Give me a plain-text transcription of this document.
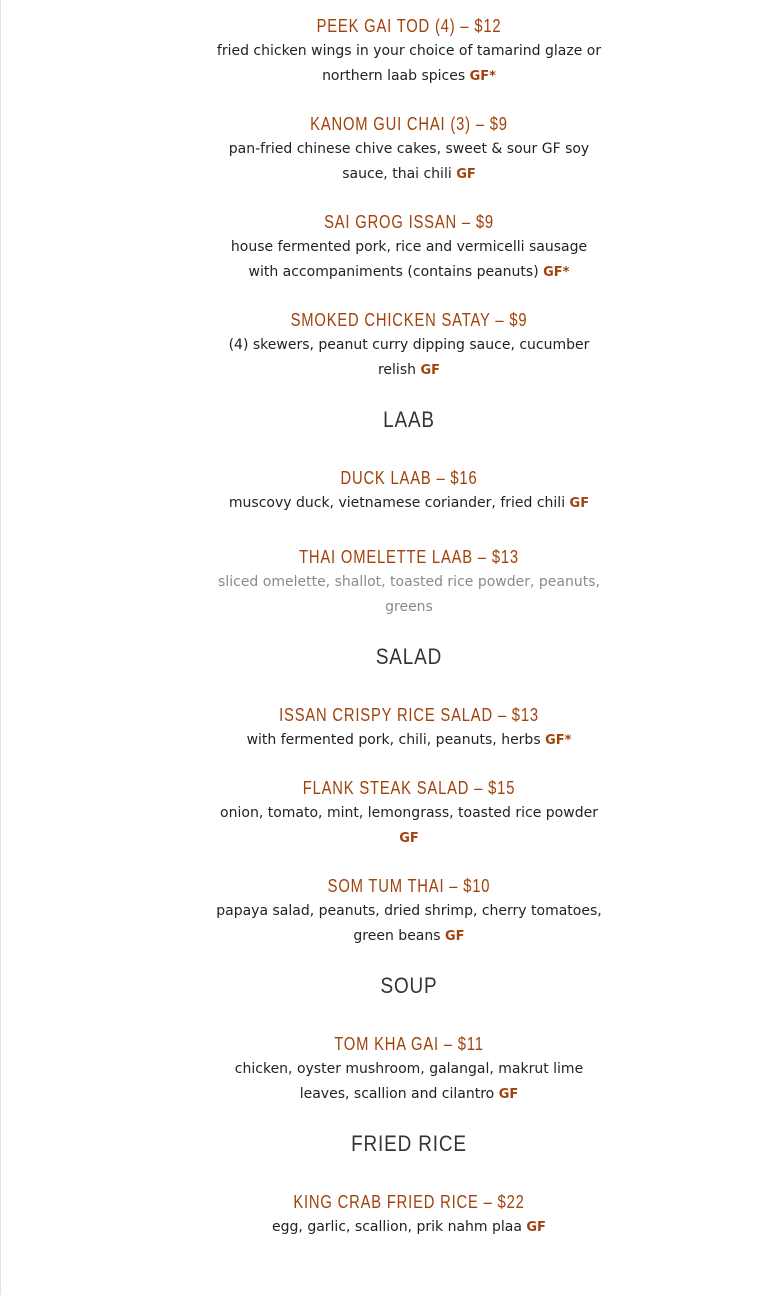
PEEK GAI TOD (4) – $12

fried chicken wings in your choice of tamarind glaze or northern laab spices GF*

KANOM GUI CHAI (3) – $9

pan-fried chinese chive cakes, sweet & sour GF soy sauce, thai chili GF

SAI GROG ISSAN – $9

house fermented pork, rice and vermicelli sausage with accompaniments (contains peanuts) GF*

SMOKED CHICKEN SATAY – $9

(4) skewers, peanut curry dipping sauce, cucumber relish GF

LAAB
DUCK LAAB – $16

muscovy duck, vietnamese coriander, fried chili GF

THAI OMELETTE LAAB – $13

sliced omelette, shallot, toasted rice powder, peanuts, greens

SALAD
ISSAN CRISPY RICE SALAD – $13

with fermented pork, chili, peanuts, herbs GF*

FLANK STEAK SALAD – $15

onion, tomato, mint, lemongrass, toasted rice powder GF

SOM TUM THAI – $10

papaya salad, peanuts, dried shrimp, cherry tomatoes, green beans GF

SOUP
TOM KHA GAI – $11

chicken, oyster mushroom, galangal, makrut lime leaves, scallion and cilantro GF

FRIED RICE
KING CRAB FRIED RICE – $22

egg, garlic, scallion, prik nahm plaa GF
